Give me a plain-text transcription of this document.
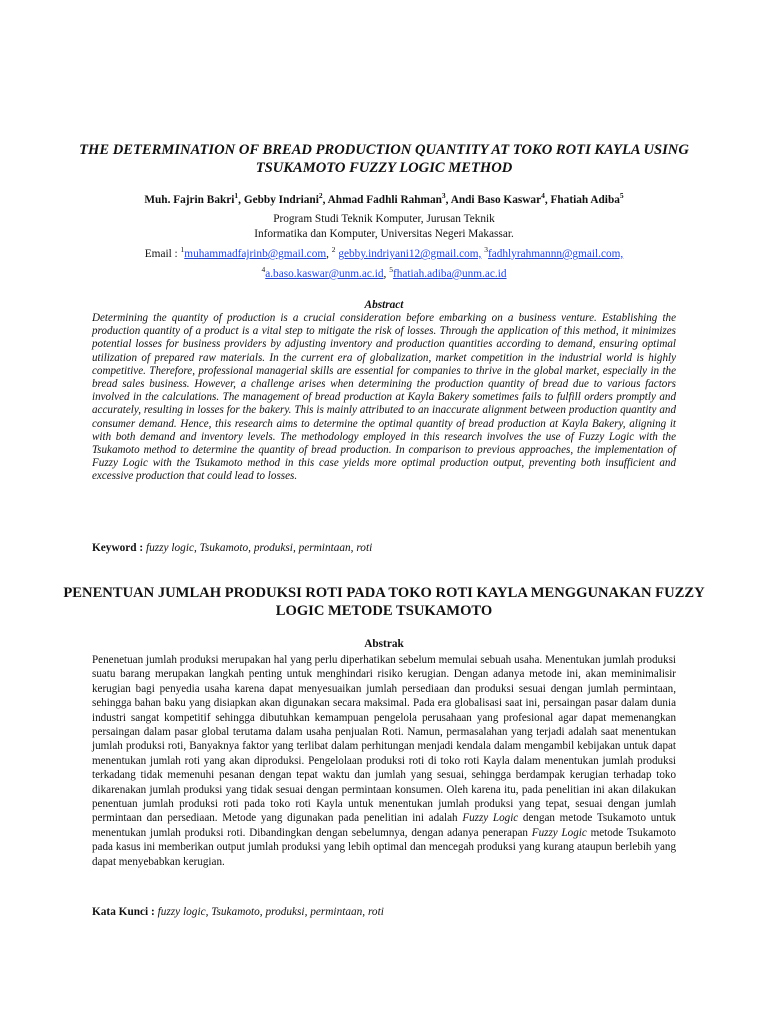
THE DETERMINATION OF BREAD PRODUCTION QUANTITY AT TOKO ROTI KAYLA USING TSUKAMOTO FUZZY LOGIC METHOD
Muh. Fajrin Bakri$^1$, Gebby Indriani$^2$, Ahmad Fadhli Rahman$^3$, Andi Baso Kaswar$^4$, Fhatiah Adiba$^5$
Program Studi Teknik Komputer, Jurusan Teknik
Informatika dan Komputer, Universitas Negeri Makassar.
Email : $^1$muhammadfajrinb@gmail.com, $^2$ gebby.indriyani12@gmail.com, $^3$fadhlyrahmannn@gmail.com,
$^4$a.baso.kaswar@unm.ac.id, $^5$fhatiah.adiba@unm.ac.id
Abstract

Determining the quantity of production is a crucial consideration before embarking on a business venture. Establishing the production quantity of a product is a vital step to mitigate the risk of losses. Through the application of this method, it minimizes potential losses for business providers by adjusting inventory and production quantities according to demand, ensuring optimal utilization of prepared raw materials. In the current era of globalization, market competition in the industrial world is highly competitive. Therefore, professional managerial skills are essential for companies to thrive in the global market, especially in the bread sales business. However, a challenge arises when determining the production quantity of bread due to various factors involved in the calculations. The management of bread production at Kayla Bakery sometimes fails to fulfill orders promptly and accurately, resulting in losses for the bakery. This is mainly attributed to an inaccurate alignment between production quantity and consumer demand. Hence, this research aims to determine the optimal quantity of bread production at Kayla Bakery, aligning it with both demand and inventory levels. The methodology employed in this research involves the use of Fuzzy Logic with the Tsukamoto method to determine the quantity of bread production. In comparison to previous approaches, the implementation of Fuzzy Logic with the Tsukamoto method in this case yields more optimal production output, preventing both insufficient and excessive production that could lead to losses.

Keyword : fuzzy logic, Tsukamoto, produksi, permintaan, roti

PENENTUAN JUMLAH PRODUKSI ROTI PADA TOKO ROTI KAYLA MENGGUNAKAN FUZZY LOGIC METODE TSUKAMOTO
Abstrak

Penenetuan jumlah produksi merupakan hal yang perlu diperhatikan sebelum memulai sebuah usaha. Menentukan jumlah produksi suatu barang merupakan langkah penting untuk menghindari risiko kerugian. Dengan adanya metode ini, akan meminimalisir kerugian bagi penyedia usaha karena dapat menyesuaikan jumlah persediaan dan produksi sesuai dengan jumlah permintaan, sehingga bahan baku yang disiapkan akan digunakan secara maksimal. Pada era globalisasi saat ini, persaingan pasar dalam dunia industri sangat kompetitif sehingga dibutuhkan kemampuan pengelola perusahaan yang profesional agar dapat memenangkan persaingan dalam pasar global terutama dalam usaha penjualan Roti. Namun, permasalahan yang terjadi adalah saat menentukan jumlah produksi roti, Banyaknya faktor yang terlibat dalam perhitungan menjadi kendala dalam mengambil kebijakan untuk dapat menentukan jumlah roti yang akan diproduksi. Pengelolaan produksi roti di toko roti Kayla dalam menentukan jumlah produksi terkadang tidak memenuhi pesanan dengan tepat waktu dan jumlah yang sesuai, sehingga berdampak kerugian terhadap toko dikarenakan jumlah produksi yang tidak sesuai dengan permintaan konsumen. Oleh karena itu, pada penelitian ini akan dilakukan penentuan jumlah produksi roti pada toko roti Kayla untuk menentukan jumlah produksi yang tepat, sesuai dengan jumlah permintaan dan persediaan. Metode yang digunakan pada penelitian ini adalah Fuzzy Logic dengan metode Tsukamoto untuk menentukan jumlah produksi roti. Dibandingkan dengan sebelumnya, dengan adanya penerapan Fuzzy Logic metode Tsukamoto pada kasus ini memberikan output jumlah produksi yang lebih optimal dan mencegah produksi yang kurang ataupun berlebih yang dapat menyebabkan kerugian.

Kata Kunci : fuzzy logic, Tsukamoto, produksi, permintaan, roti
